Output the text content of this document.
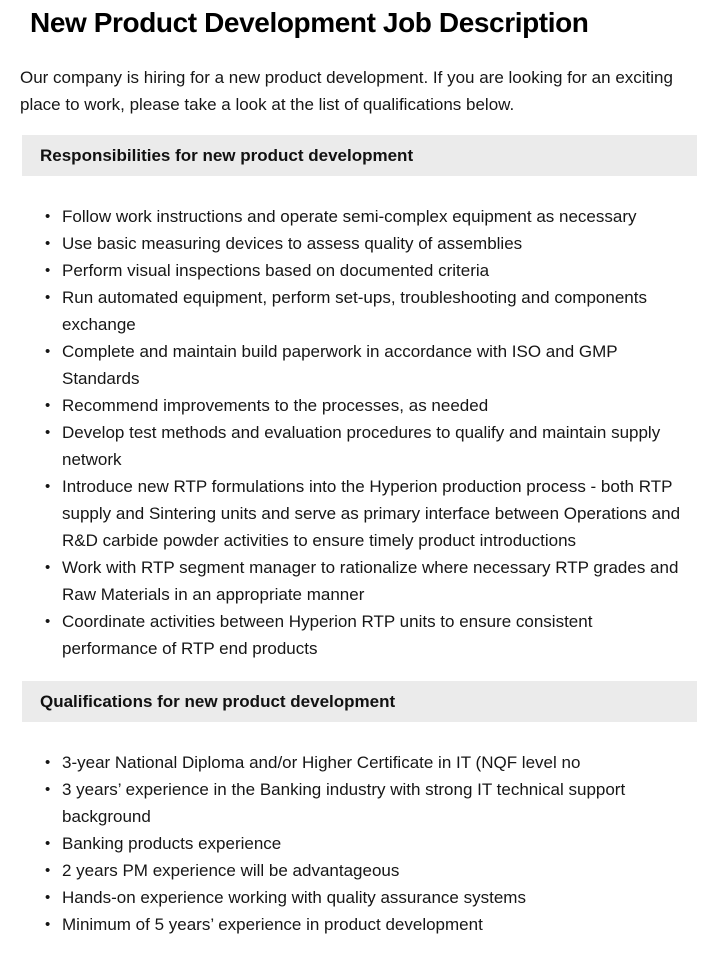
New Product Development Job Description

Our company is hiring for a new product development. If you are looking for an exciting place to work, please take a look at the list of qualifications below.

Responsibilities for new product development
• Follow work instructions and operate semi-complex equipment as necessary
• Use basic measuring devices to assess quality of assemblies
• Perform visual inspections based on documented criteria
• Run automated equipment, perform set-ups, troubleshooting and components exchange
• Complete and maintain build paperwork in accordance with ISO and GMP Standards
• Recommend improvements to the processes, as needed
• Develop test methods and evaluation procedures to qualify and maintain supply network
• Introduce new RTP formulations into the Hyperion production process - both RTP supply and Sintering units and serve as primary interface between Operations and R&D carbide powder activities to ensure timely product introductions
• Work with RTP segment manager to rationalize where necessary RTP grades and Raw Materials in an appropriate manner
• Coordinate activities between Hyperion RTP units to ensure consistent performance of RTP end products
Qualifications for new product development
• 3-year National Diploma and/or Higher Certificate in IT (NQF level no
• 3 years’ experience in the Banking industry with strong IT technical support background
• Banking products experience
• 2 years PM experience will be advantageous
• Hands-on experience working with quality assurance systems
• Minimum of 5 years’ experience in product development
